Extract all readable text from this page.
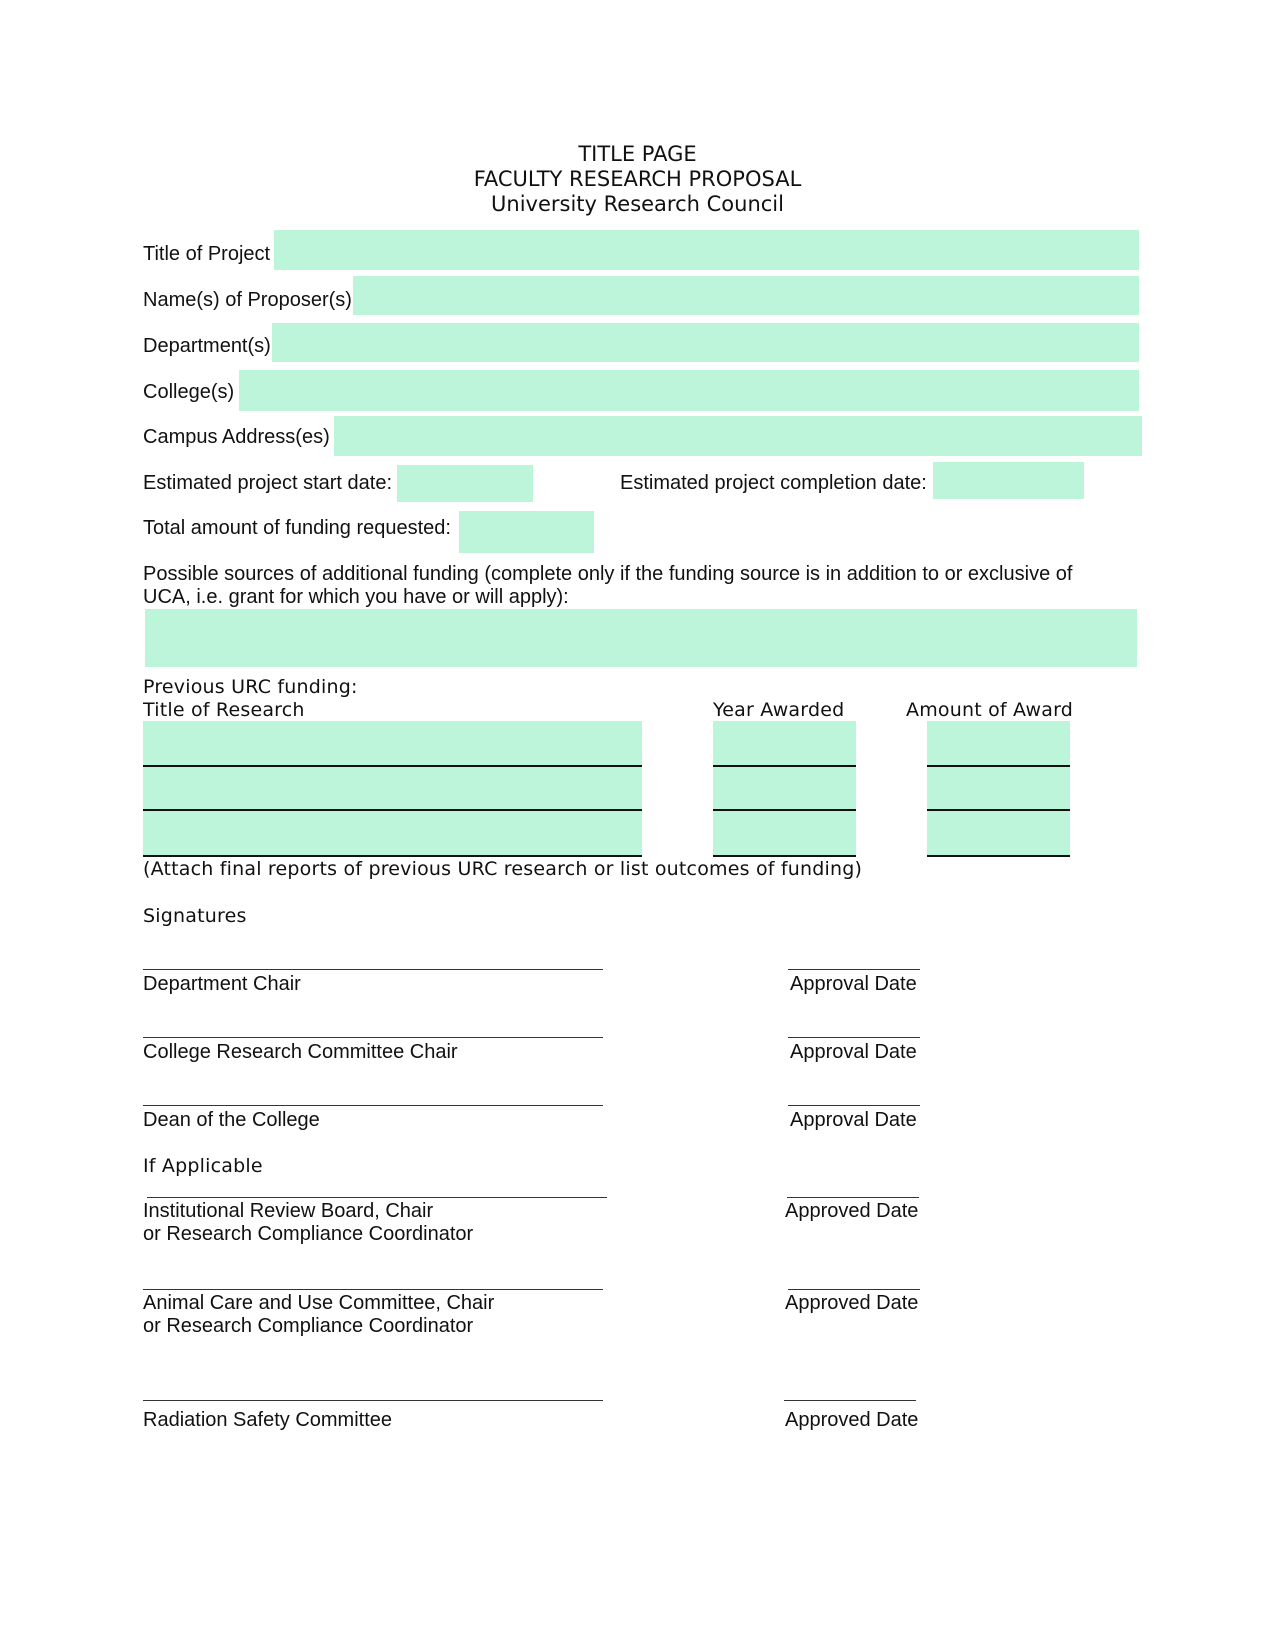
TITLE PAGE
FACULTY RESEARCH PROPOSAL
University Research Council
Title of Project
Name(s) of Proposer(s)
Department(s)
College(s)
Campus Address(es)
Estimated project start date:	Estimated project completion date:
Total amount of funding requested:
Possible sources of additional funding (complete only if the funding source is in addition to or exclusive of
UCA, i.e. grant for which you have or will apply):
Previous URC funding:
Title of Research	Year Awarded	Amount of Award
(Attach final reports of previous URC research or list outcomes of funding)
Signatures
Department Chair	Approval Date
College Research Committee Chair	Approval Date
Dean of the College	Approval Date
If Applicable
Institutional Review Board, Chair
or Research Compliance Coordinator
Approved Date
Animal Care and Use Committee, Chair
or Research Compliance Coordinator
Approved Date
Radiation Safety Committee	Approved Date
